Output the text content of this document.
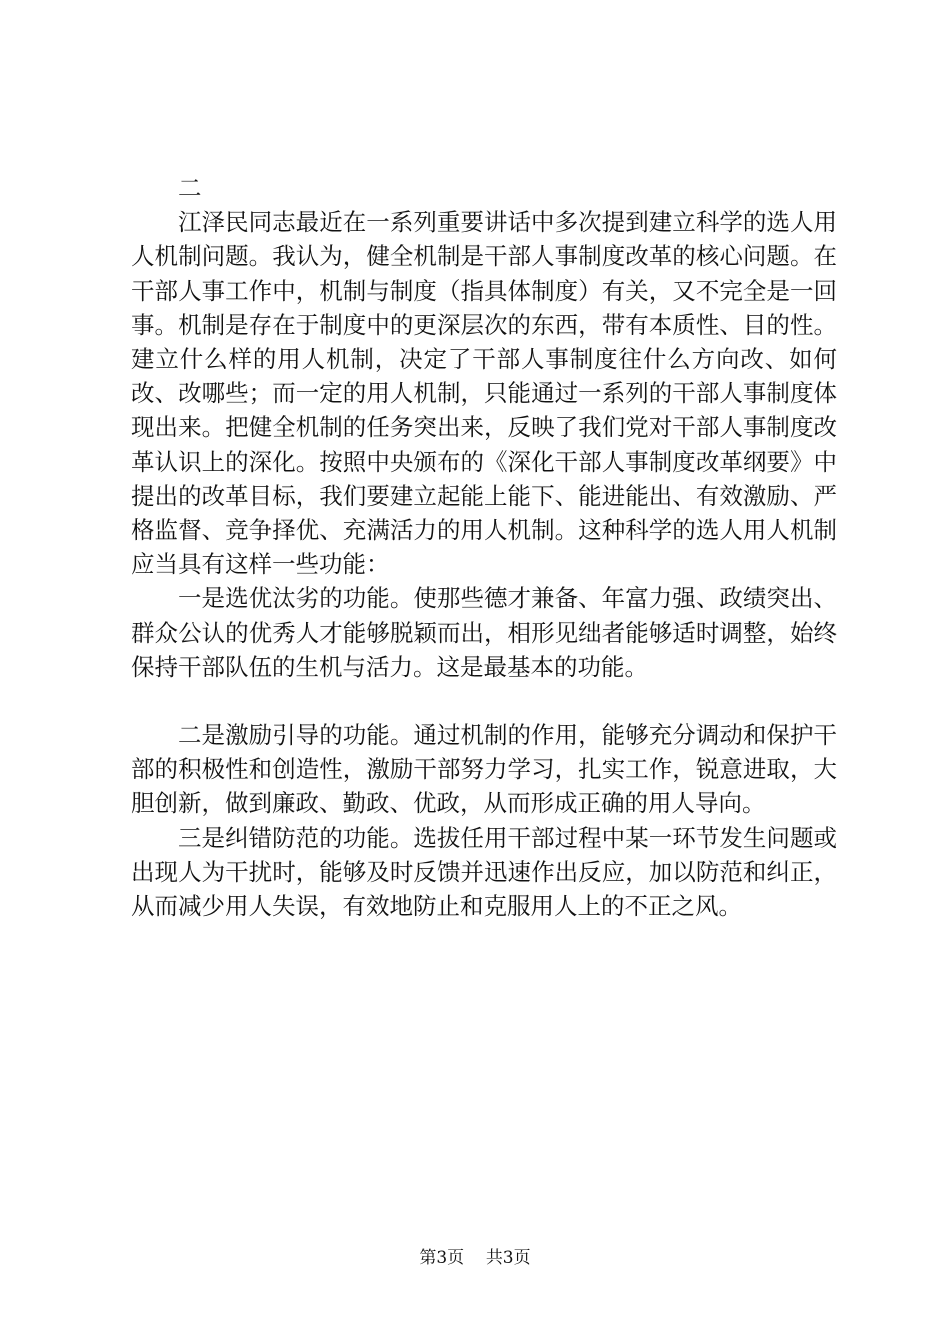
二

江泽民同志最近在一系列重要讲话中多次提到建立科学的选人用人机制问题。我认为，健全机制是干部人事制度改革的核心问题。在干部人事工作中，机制与制度（指具体制度）有关，又不完全是一回事。机制是存在于制度中的更深层次的东西，带有本质性、目的性。建立什么样的用人机制，决定了干部人事制度往什么方向改、如何改、改哪些；而一定的用人机制，只能通过一系列的干部人事制度体现出来。把健全机制的任务突出来，反映了我们党对干部人事制度改革认识上的深化。按照中央颁布的《深化干部人事制度改革纲要》中提出的改革目标，我们要建立起能上能下、能进能出、有效激励、严格监督、竞争择优、充满活力的用人机制。这种科学的选人用人机制应当具有这样一些功能：

一是选优汰劣的功能。使那些德才兼备、年富力强、政绩突出、群众公认的优秀人才能够脱颖而出，相形见绌者能够适时调整，始终保持干部队伍的生机与活力。这是最基本的功能。

二是激励引导的功能。通过机制的作用，能够充分调动和保护干部的积极性和创造性，激励干部努力学习，扎实工作，锐意进取，大胆创新，做到廉政、勤政、优政，从而形成正确的用人导向。

三是纠错防范的功能。选拔任用干部过程中某一环节发生问题或出现人为干扰时，能够及时反馈并迅速作出反应，加以防范和纠正，从而减少用人失误，有效地防止和克服用人上的不正之风。

第3页 共3页
